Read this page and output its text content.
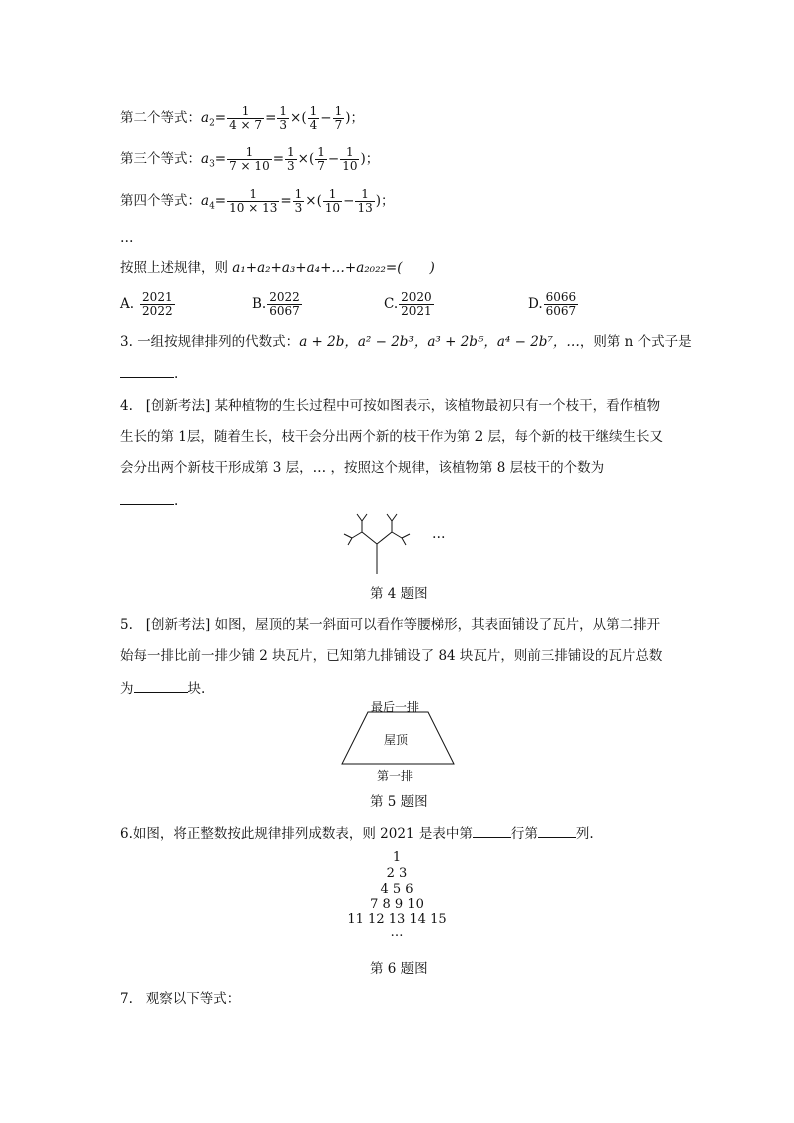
第二个等式：$a_2= \frac{1}{4 \times 7} = \frac{1}{3}$ ×( $\frac{1}{4} - \frac{1}{7}$ )；
第三个等式：$a_3= \frac{1}{7 \times 10} = \frac{1}{3}$ ×( $\frac{1}{7} - \frac{1}{10}$ )；
第四个等式：$a_4= \frac{1}{10 \times 13} = \frac{1}{3}$ ×( $\frac{1}{10} - \frac{1}{13}$ )；
…
按照上述规律，则 a₁+a₂+a₃+a₄+…+a₂₀₂₂=(　　)
A. $\frac{2021}{2022}$	B. $\frac{2022}{6067}$	C. $\frac{2020}{2021}$	D. $\frac{6066}{6067}$
3. 一组按规律排列的代数式：a + 2b，a² − 2b³，a³ + 2b⁵，a⁴ − 2b⁷，…，则第 n 个式子是
.
4. [创新考法] 某种植物的生长过程中可按如图表示，该植物最初只有一个枝干，看作植物
生长的第 1层，随着生长，枝干会分出两个新的枝干作为第 2 层，每个新的枝干继续生长又
会分出两个新枝干形成第 3 层，… ，按照这个规律，该植物第 8 层枝干的个数为
.
…
第 4 题图
5. [创新考法] 如图，屋顶的某一斜面可以看作等腰梯形，其表面铺设了瓦片，从第二排开
始每一排比前一排少铺 2 块瓦片，已知第九排铺设了 84 块瓦片，则前三排铺设的瓦片总数
为	块.
最后一排
屋顶
第一排
第 5 题图
6.如图，将正整数按此规律排列成数表，则 2021 是表中第	行第	列.
1
2 3
4 5 6
7 8 9 10
11 12 13 14 15
…
第 6 题图
7. 观察以下等式：
